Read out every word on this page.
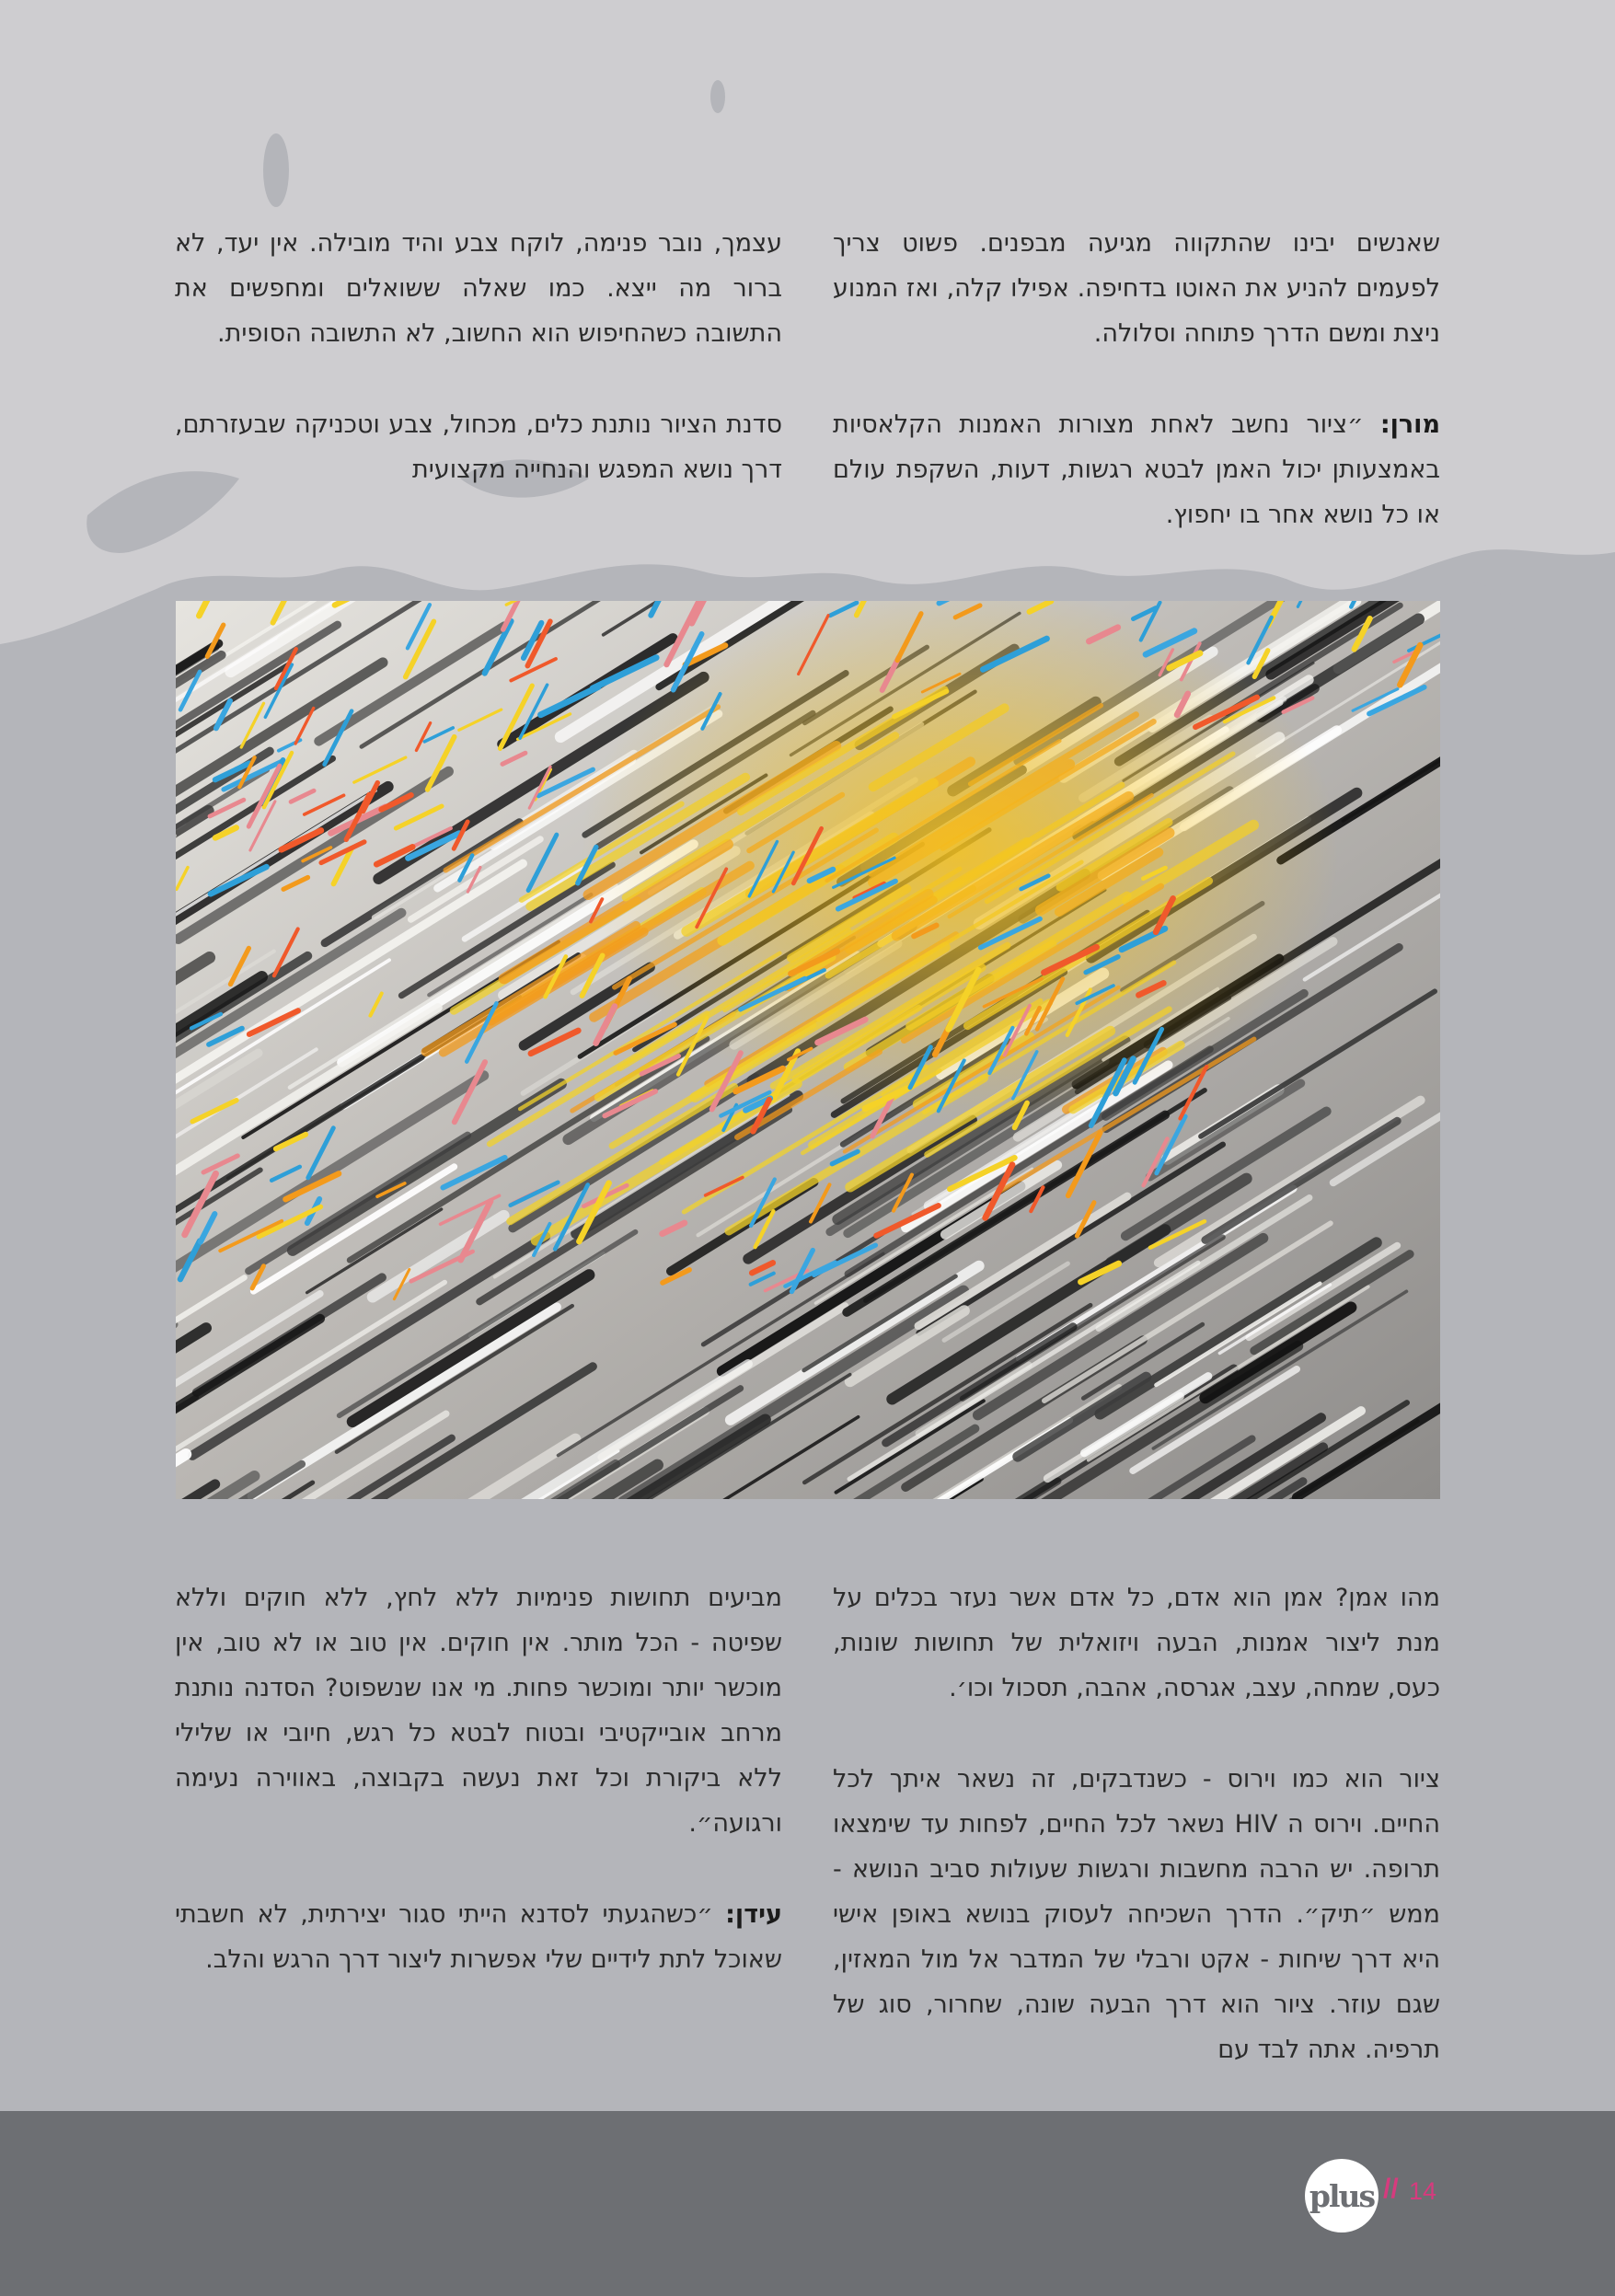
שאנשים יבינו שהתקווה מגיעה מבפנים. פשוט צריך לפעמים להניע את האוטו בדחיפה. אפילו קלה, ואז המנוע ניצת ומשם הדרך פתוחה וסלולה.

מורן: ״ציור נחשב לאחת מצורות האמנות הקלאסיות באמצעותן יכול האמן לבטא רגשות, דעות, השקפת עולם או כל נושא אחר בו יחפוץ.

עצמך, נובר פנימה, לוקח צבע והיד מובילה. אין יעד, לא ברור מה ייצא. כמו שאלה ששואלים ומחפשים את התשובה כשהחיפוש הוא החשוב, לא התשובה הסופית.

סדנת הציור נותנת כלים, מכחול, צבע וטכניקה שבעזרתם, דרך נושא המפגש והנחייה מקצועית

מהו אמן? אמן הוא אדם, כל אדם אשר נעזר בכלים על מנת ליצור אמנות, הבעה ויזואלית של תחושות שונות, כעס, שמחה, עצב, אגרסה, אהבה, תסכול וכו׳.

ציור הוא כמו וירוס - כשנדבקים, זה נשאר איתך לכל החיים. וירוס ה HIV נשאר לכל החיים, לפחות עד שימצאו תרופה. יש הרבה מחשבות ורגשות שעולות סביב הנושא - ממש ״תיק״. הדרך השכיחה לעסוק בנושא באופן אישי היא דרך שיחות - אקט ורבלי של המדבר אל מול המאזין, שגם עוזר. ציור הוא דרך הבעה שונה, שחרור, סוג של תרפיה. אתה לבד עם

מביעים תחושות פנימיות ללא לחץ, ללא חוקים וללא שפיטה - הכל מותר. אין חוקים. אין טוב או לא טוב, אין מוכשר יותר ומוכשר פחות. מי אנו שנשפוט? הסדנה נותנת מרחב אובייקטיבי ובטוח לבטא כל רגש, חיובי או שלילי ללא ביקורת וכל זאת נעשה בקבוצה, באווירה נעימה ורגועה״.

עידן: ״כשהגעתי לסדנא הייתי סגור יצירתית, לא חשבתי שאוכל לתת לידיים שלי אפשרות ליצור דרך הרגש והלב.

plus // 14
